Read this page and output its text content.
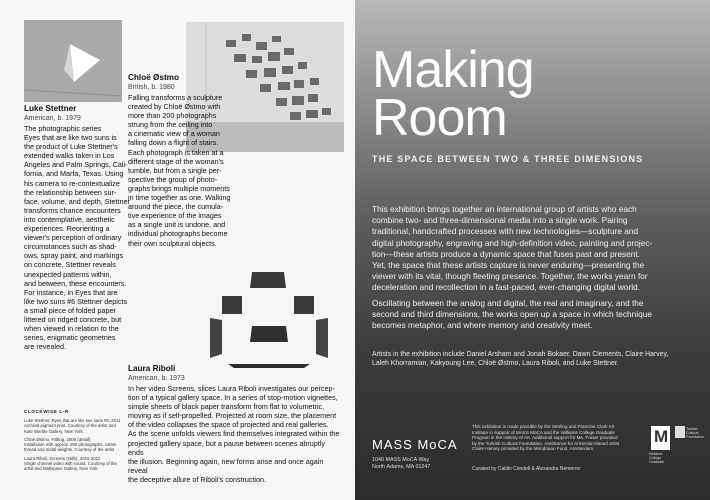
Luke Stettner
American, b. 1979
The photographic series
Eyes that are like two suns is
the product of Luke Stettner's
extended walks taken in Los
Angeles and Palm Springs, Cali-
fornia, and Marfa, Texas. Using
his camera to re-contextualize
the relationship between sur-
face, volume, and depth, Stettner
transforms chance encounters
into contemplative, aesthetic
experiences. Reorienting a
viewer's perception of ordinary
circumstances such as shad-
ows, spray paint, and markings
on concrete, Stettner reveals
unexpected patterns within,
and between, these encounters.
For instance, in Eyes that are
like two suns #6 Stettner depicts
a small piece of folded paper
littered on ridged concrete, but
when viewed in relation to the
series, enigmatic geometries
are revealed.
Chloë Østmo
British, b. 1980
Falling transforms a sculpture
created by Chloë Østmo with
more than 200 photographs
strung from the ceiling into
a cinematic view of a woman
falling down a flight of stairs.
Each photograph is taken at a
different stage of the woman's
tumble, but from a single per-
spective the group of photo-
graphs brings multiple moments
in time together as one. Walking
around the piece, the cumula-
tive experience of the images
as a single unit is undone, and
individual photographs become
their own sculptural objects.
Laura Riboli
American, b. 1973
In her video Screens, slices Laura Riboli investigates our percep-
tion of a typical gallery space. In a series of stop-motion vignettes,
simple sheets of black paper transform from flat to volumetric,
moving as if self-propelled. Projected at room size, the placement
of the video collapses the space of projected and real galleries.
As the scene unfolds viewers find themselves integrated within the
projected gallery space, but a pause between scenes abruptly ends
the illusion. Beginning again, new forms arise and once again reveal
the deceptive allure of Riboli's construction.
CLOCKWISE L-R

Luke Stettner, Eyes that are like two suns #6, 2011
Archival pigment print. Courtesy of the artist and
Kate Werble Gallery, New York

Chloë Østmo, Falling, 2006 (detail)
Installation with approx. 200 photographs, cotton
thread and metal weights. Courtesy of the artist

Laura Riboli, Screens (stills), 2010-2012
Single channel video with sound. Courtesy of the
artist and Wallspace Gallery, New York

Making
Room
THE SPACE BETWEEN TWO & THREE DIMENSIONS
This exhibition brings together an international group of artists who each
combine two- and three-dimensional media into a single work. Pairing
traditional, handcrafted processes with new technologies—sculpture and
digital photography, engraving and high-definition video, painting and projec-
tion—these artists produce a dynamic space that fuses past and present.
Yet, the space that these artists capture is never enduring—presenting the
viewer with its vital, though fleeting presence. Together, the works yearn for
deceleration and recollection in a fast-paced, ever-changing digital world.
Oscillating between the analog and digital, the real and imaginary, and the
second and third dimensions, the works open up a space in which technique
becomes metaphor, and where memory and creativity meet.
Artists in the exhibition include Daniel Arsham and Jonah Bokaer, Dawn Clements, Claire Harvey,
Laleh Khorramian, Kakyoung Lee, Chloë Østmo, Laura Riboli, and Luke Stettner.
MASS MoCA
1040 MASS MoCA Way
North Adams, MA 01247
This exhibition is made possible by the Sterling and Francine Clark Art
Institute in support of MASS MoCA and the Williams College Graduate
Program in the History of Art. Additional support for Ms. Fraser provided
by the Turkish Cultural Foundation. Assistance for Armenian-based artist
Claire Harvey provided by the Mondriaan Fund, Amsterdam.
Curated by Caitlin Condell & Alexandra Nemerov
M
Williams
College
Graduate
Turkish
Cultural
Foundation
